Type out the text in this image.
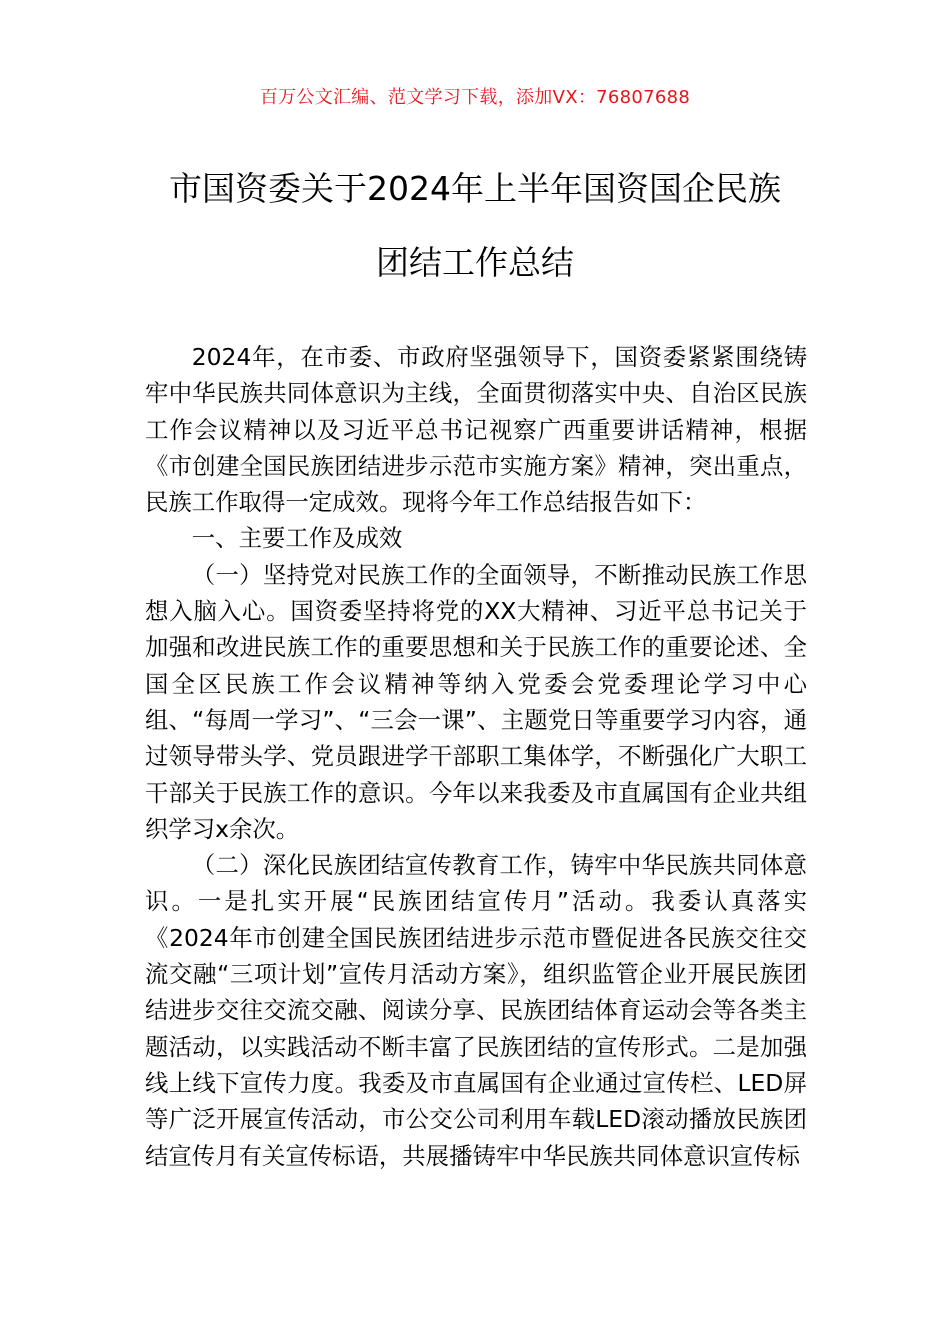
百万公文汇编、范文学习下载，添加VX：76807688
市国资委关于2024年上半年国资国企民族
团结工作总结

2024年，在市委、市政府坚强领导下，国资委紧紧围绕铸牢中华民族共同体意识为主线，全面贯彻落实中央、自治区民族工作会议精神以及习近平总书记视察广西重要讲话精神，根据《市创建全国民族团结进步示范市实施方案》精神，突出重点，民族工作取得一定成效。现将今年工作总结报告如下：

一、主要工作及成效

（一）坚持党对民族工作的全面领导，不断推动民族工作思想入脑入心。国资委坚持将党的XX大精神、习近平总书记关于加强和改进民族工作的重要思想和关于民族工作的重要论述、全国全区民族工作会议精神等纳入党委会党委理论学习中心组、“每周一学习”、“三会一课”、主题党日等重要学习内容，通过领导带头学、党员跟进学干部职工集体学，不断强化广大职工干部关于民族工作的意识。今年以来我委及市直属国有企业共组织学习x余次。

（二）深化民族团结宣传教育工作，铸牢中华民族共同体意识。一是扎实开展“民族团结宣传月”活动。我委认真落实《2024年市创建全国民族团结进步示范市暨促进各民族交往交流交融“三项计划”宣传月活动方案》，组织监管企业开展民族团结进步交往交流交融、阅读分享、民族团结体育运动会等各类主题活动，以实践活动不断丰富了民族团结的宣传形式。二是加强线上线下宣传力度。我委及市直属国有企业通过宣传栏、LED屏等广泛开展宣传活动，市公交公司利用车载LED滚动播放民族团结宣传月有关宣传标语，共展播铸牢中华民族共同体意识宣传标
